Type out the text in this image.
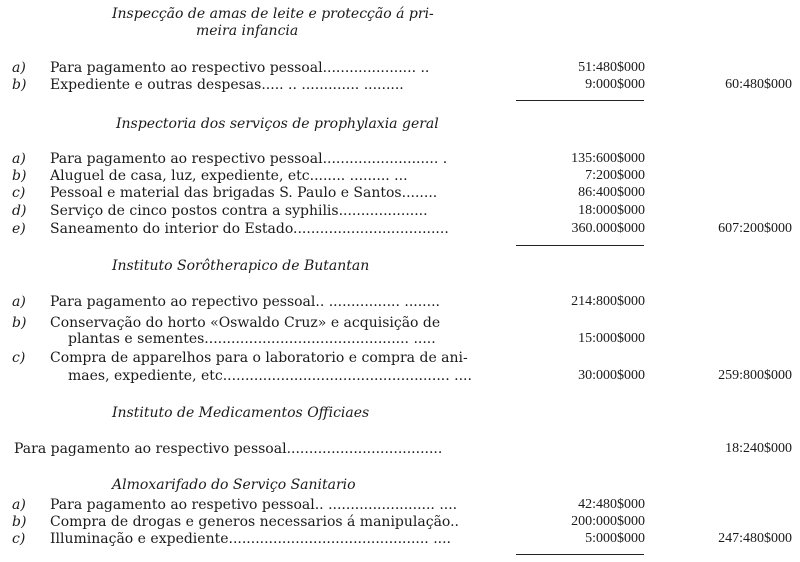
Inspecção de amas de leite e protecção á pri-
meira infancia
a)	Para pagamento ao respectivo pessoal..................... ..	51:480$000
b)	Expediente e outras despesas..... .. ............. .........	9:000$000	60:480$000
Inspectoria dos serviços de prophylaxia geral
a)	Para pagamento ao respectivo pessoal.......................... .	135:600$000
b)	Aluguel de casa, luz, expediente, etc........ ......... ...	7:200$000
c)	Pessoal e material das brigadas S. Paulo e Santos........	86:400$000
d)	Serviço de cinco postos contra a syphilis....................	18:000$000
e)	Saneamento do interior do Estado...................................	360.000$000	607:200$000
Instituto Sorôtherapico de Butantan
a)	Para pagamento ao repectivo pessoal.. ................ ........	214:800$000
b)	Conservação do horto «Oswaldo Cruz» e acquisição de
plantas e sementes.............................................. .....	15:000$000
c)	Compra de apparelhos para o laboratorio e compra de ani-
maes, expediente, etc................................................... ....	30:000$000	259:800$000
Instituto de Medicamentos Officiaes
Para pagamento ao respectivo pessoal...................................	18:240$000
Almoxarifado do Serviço Sanitario
a)	Para pagamento ao respetivo pessoal.. ........................ ....	42:480$000
b)	Compra de drogas e generos necessarios á manipulação..	200:000$000
c)	Illuminação e expediente............................................. ....	5:000$000	247:480$000
